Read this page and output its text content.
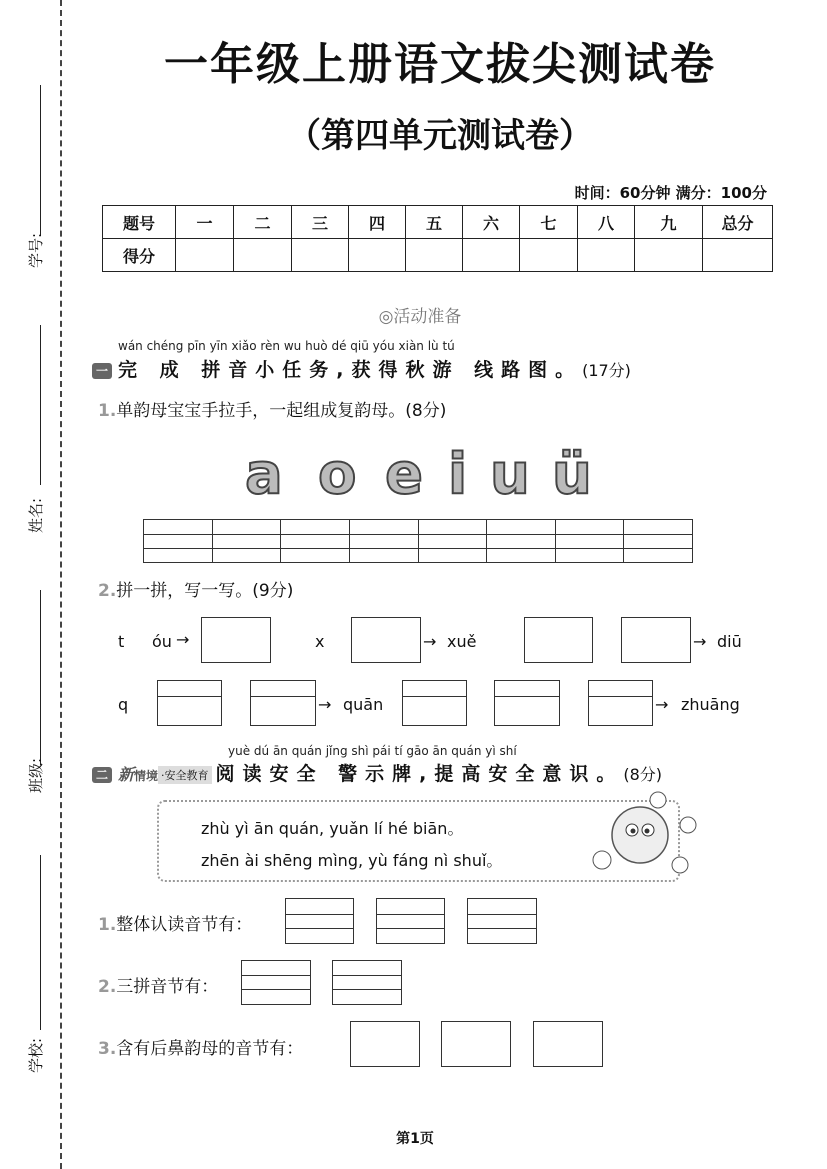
学号:
姓名:
班级:
学校:
一年级上册语文拔尖测试卷
（第四单元测试卷）
时间：60分钟 满分：100分
题号	一	二	三	四	五	六	七	八	九	总分
得分										
◎活动准备
wán chéng pīn yīn xiǎo rèn wu huò dé qiū yóu xiàn lù tú
一 完 成 拼音小任务,获得秋游 线路图。(17分)
1.单韵母宝宝手拉手，一起组成复韵母。(8分)
a o e i u ü
2.拼一拼，写一写。(9分)
t óu →	x	→ xuě	→ diū
q	→ quān	→ zhuāng
yuè dú ān quán jǐng shì pái tí gāo ān quán yì shí
二 新情境 ·安全教育 阅读安全 警示牌,提高安全意识。(8分)
zhù yì ān quán, yuǎn lí hé biān。
zhēn ài shēng mìng, yù fáng nì shuǐ。
1.整体认读音节有：
2.三拼音节有：
3.含有后鼻韵母的音节有：
第1页
